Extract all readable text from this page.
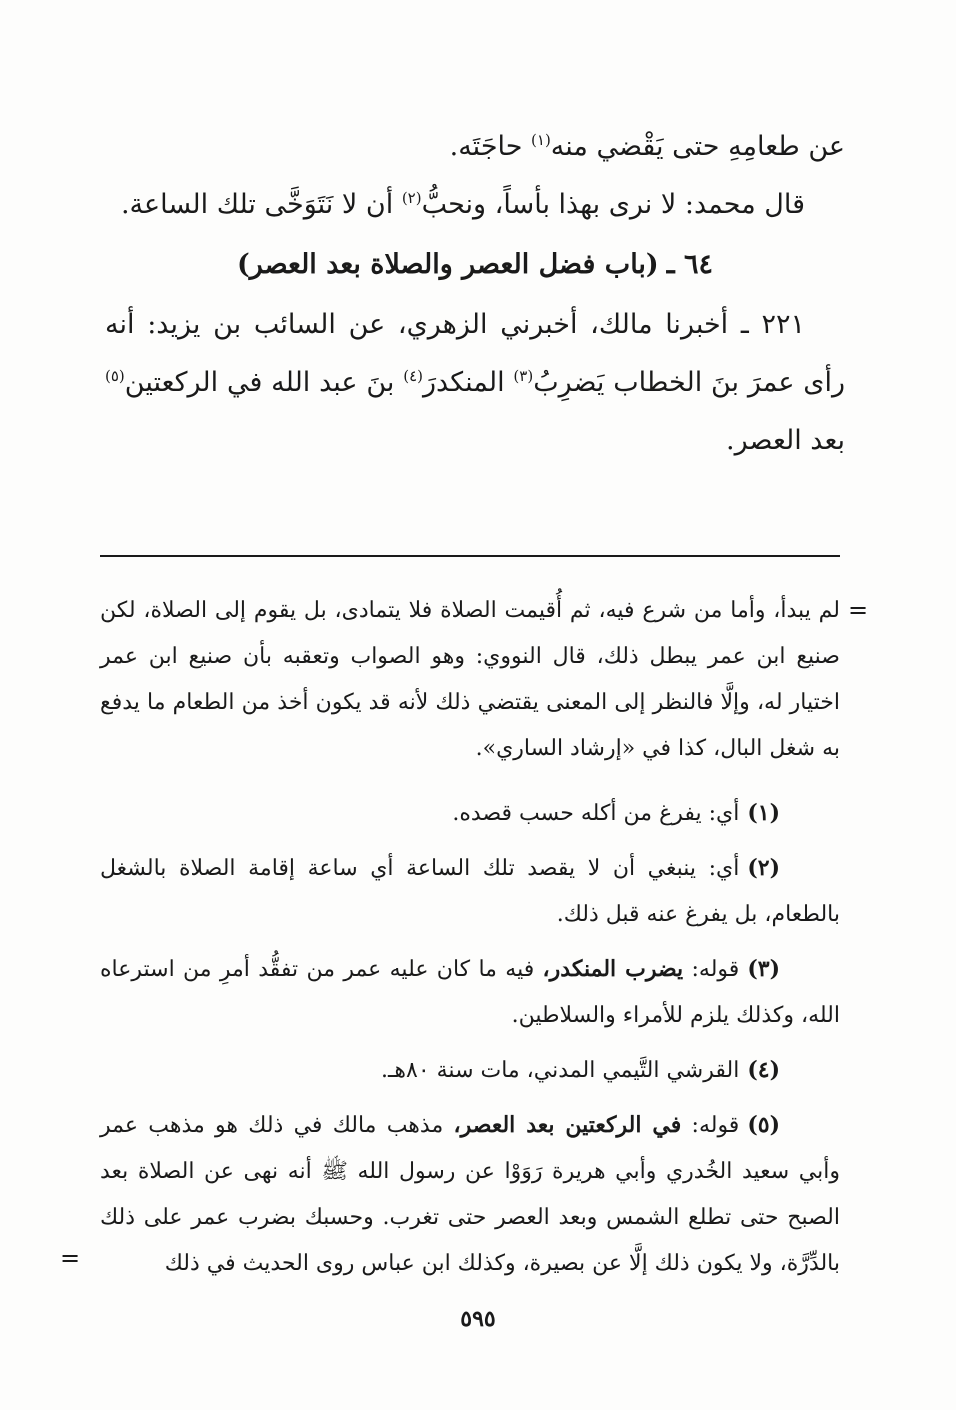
عن طعامِهِ حتى يَقْضي منه$^{(١)}$ حاجَتَه.

قال محمد: لا نرى بهذا بأساً، ونحبُّ$^{(٢)}$ أن لا نَتَوَخَّى تلك الساعة.

٦٤ ـ(باب فضل العصر والصلاة بعد العصر)

٢٢١ ـ أخبرنا مالك، أخبرني الزهري، عن السائب بن يزيد: أنه رأى عمرَ بنَ الخطاب يَضرِبُ$^{(٣)}$ المنكدرَ$^{(٤)}$ بنَ عبد الله في الركعتين$^{(٥)}$ بعد العصر.

=

لم يبدأ، وأما من شرع فيه، ثم أُقيمت الصلاة فلا يتمادى، بل يقوم إلى الصلاة، لكن صنيع ابن عمر يبطل ذلك، قال النووي: وهو الصواب وتعقبه بأن صنيع ابن عمر اختيار له، وإلَّا فالنظر إلى المعنى يقتضي ذلك لأنه قد يكون أخذ من الطعام ما يدفع به شغل البال، كذا في «إرشاد الساري».

(١)أي: يفرغ من أكله حسب قصده.

(٢)أي: ينبغي أن لا يقصد تلك الساعة أي ساعة إقامة الصلاة بالشغل بالطعام، بل يفرغ عنه قبل ذلك.

(٣)قوله: يضرب المنكدر، فيه ما كان عليه عمر من تفقُّد أمرِ من استرعاه الله، وكذلك يلزم للأمراء والسلاطين.

(٤)القرشي التَّيمي المدني، مات سنة ٨٠هـ.

(٥)قوله: في الركعتين بعد العصر، مذهب مالك في ذلك هو مذهب عمر وأبي سعيد الخُدري وأبي هريرة رَوَوْا عن رسول الله ﷺ أنه نهى عن الصلاة بعد الصبح حتى تطلع الشمس وبعد العصر حتى تغرب. وحسبك بضرب عمر على ذلك بالدِّرَّة، ولا يكون ذلك إلَّا عن بصيرة، وكذلك ابن عباس روى الحديث في ذلك

=
٥٩٥
